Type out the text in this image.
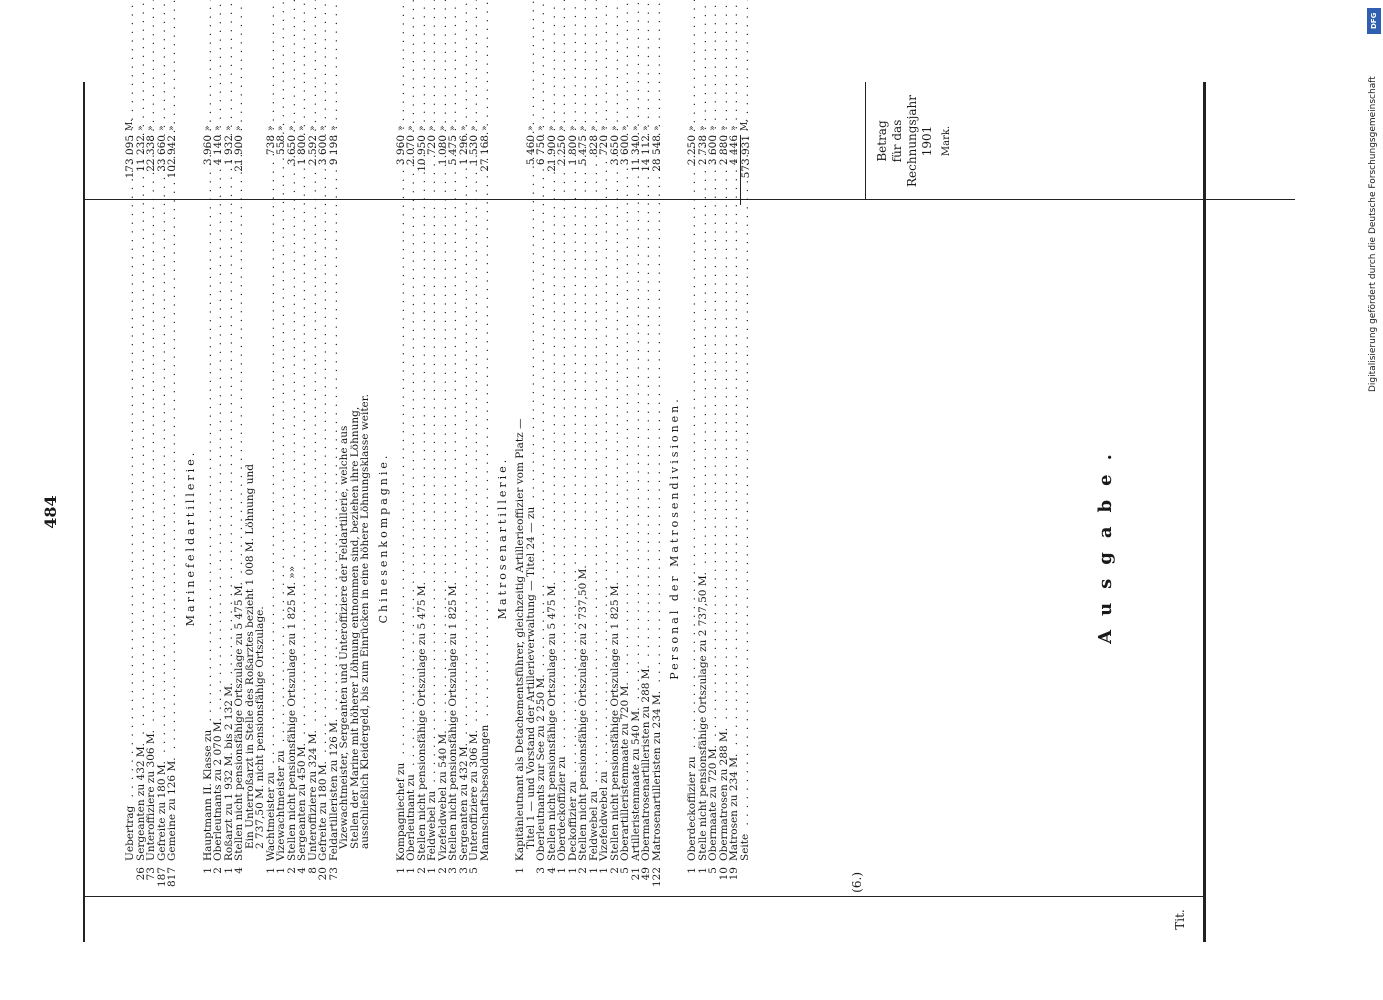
484
Tit.
Ausgabe.
Betrag für das Rechnungsjahr 1901 Mark.
(6.)
Uebertrag . . .
173 095
M.
26
Sergeanten zu 432 M. . . .
11 232
»
73
Unteroffiziere zu 306 M. . . .
22 338
»
187
Gefreite zu 180 M. . . .
33 660
»
817
Gemeine zu 126 M. . . .
102 942
»
Marinefeldartillerie.
1
Hauptmann II. Klasse zu . . .
3 960
»
2
Oberleutnants zu 2 070 M. . . .
4 140
»
1
Roßarzt zu 1 932 M. bis 2 132 M. . . .
1 932
»
4
Stellen nicht pensionsfähige Ortszulage zu 5 475 M. . . .
21 900
»
Ein Unterroßarzt in Stelle des Roßarztes bezieht 1 008 M. Löhnung und
2 737,50 M. nicht pensionsfähige Ortszulage.
1
Wachtmeister zu . . .
738
»
1
Vizewachtmeister zu . . .
558
»
2
Stellen nicht pensionsfähige Ortszulage zu 1 825 M. »» . . .
3 650
»
4
Sergeanten zu 450 M. . . .
1 800
»
8
Unteroffiziere zu 324 M. . . .
2 592
»
20
Gefreite zu 180 M. . . .
3 600
»
73
Feldartilleristen zu 126 M. . . .
9 198
»
Vizewachtmeister, Sergeanten und Unteroffiziere der Feldartillerie, welche aus
Stellen der Marine mit höherer Löhnung entnommen sind, beziehen ihre Löhnung,
ausschließlich Kleidergeld, bis zum Einrücken in eine höhere Löhnungsklasse weiter. Chinesenkompagnie.
1
Kompagniechef zu . . .
3 960
»
1
Oberleutnant zu . . .
2 070
»
2
Stellen nicht pensionsfähige Ortszulage zu 5 475 M. . . .
10 950
»
1
Feldwebel zu . . .
720
»
2
Vizefeldwebel zu 540 M. . . .
1 080
»
3
Stellen nicht pensionsfähige Ortszulage zu 1 825 M. . . .
5 475
»
3
Sergeanten zu 432 M. . . .
1 296
»
5
Unteroffiziere zu 306 M. . . .
1 530
»
Mannschaftsbesoldungen . . .
27 168
»
Matrosenartillerie.
1
Kapitänleutnant als Detachementsführer, gleichzeitig Artillerieoffizier vom Platz —
Titel 1 — und Vorstand der Artillerieverwaltung — Titel 24 — zu . . .
5 460
»
3
Oberleutnants zur See zu 2 250 M. . . .
6 750
»
4
Stellen nicht pensionsfähige Ortszulage zu 5 475 M. . . .
21 900
»
1
Oberdeckoffizier zu . . .
2 250
»
1
Deckoffizier zu . . .
1 800
»
2
Stellen nicht pensionsfähige Ortszulage zu 2 737,50 M. . . .
5 475
»
1
Feldwebel zu . . .
828
»
1
Vizefeldwebel zu . . .
720
»
2
Stellen nicht pensionsfähige Ortszulage zu 1 825 M. . . .
3 650
»
5
Oberartilleristenmaate zu 720 M. . . .
3 600
»
21
Artilleristenmaate zu 540 M. . . .
11 340
»
49
Obermatrosenartilleristen zu 288 M. . . .
14 112
»
122
Matrosenartilleristen zu 234 M. . . .
28 548
»
Personal der Matrosendivisionen.
1
Oberdeckoffizier zu . . .
2 250
»
1
Stelle nicht pensionsfähige Ortszulage zu 2 737,50 M. . . .
2 738
»
5
Obermaate zu 720 M. . . .
3 600
»
10
Obermatrosen zu 288 M. . . .
2 880
»
19
Matrosen zu 234 M. . . .
4 446
»
Seite . . .
573 931
M.
DFG
Digitalisierung gefördert durch die Deutsche Forschungsgemeinschaft
